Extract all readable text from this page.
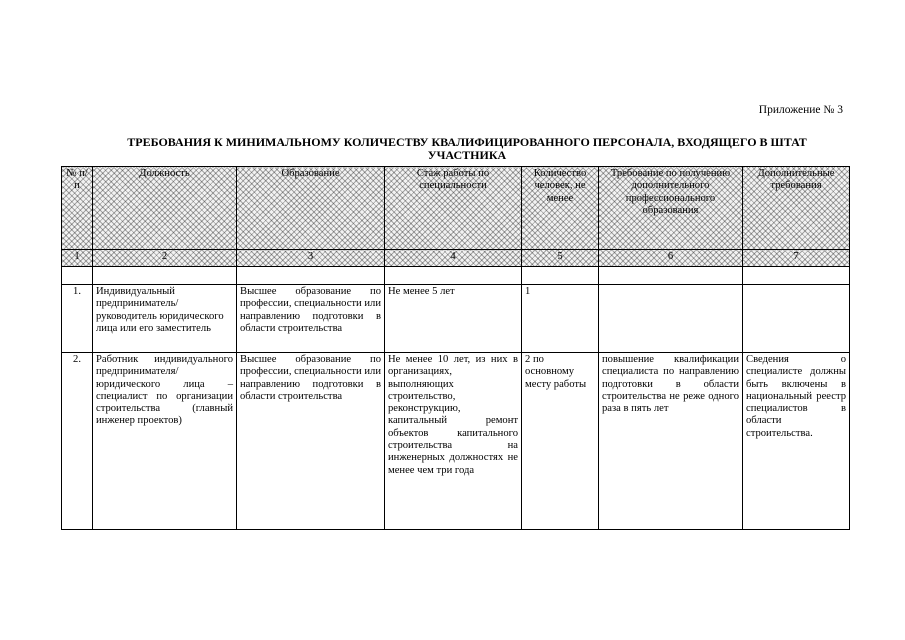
Приложение № 3
ТРЕБОВАНИЯ К МИНИМАЛЬНОМУ КОЛИЧЕСТВУ КВАЛИФИЦИРОВАННОГО ПЕРСОНАЛА, ВХОДЯЩЕГО В ШТАТ УЧАСТНИКА
№ п/п	Должность	Образование	Стаж работы по специальности	Количество человек, не менее	Требование по получению дополнительного профессионального образования	Дополнительные требования
1	2	3	4	5	6	7

1.	Индивидуальный предприниматель/руководитель юридического лица или его заместитель	Высшее образование по профессии, специальности или направлению подготовки в области строительства	Не менее 5 лет	1		
2.	Работник индивидуального предпринимателя/ юридического лица – специалист по организации строительства (главный инженер проектов)	Высшее образование по профессии, специальности или направлению подготовки в области строительства	Не менее 10 лет, из них в организациях, выполняющих строительство, реконструкцию, капитальный ремонт объектов капитального строительства на инженерных должностях не менее чем три года	2 по основному месту работы	повышение квалификации специалиста по направлению подготовки в области строительства не реже одного раза в пять лет	Сведения о специалисте должны быть включены в национальный реестр специалистов в области строительства.
